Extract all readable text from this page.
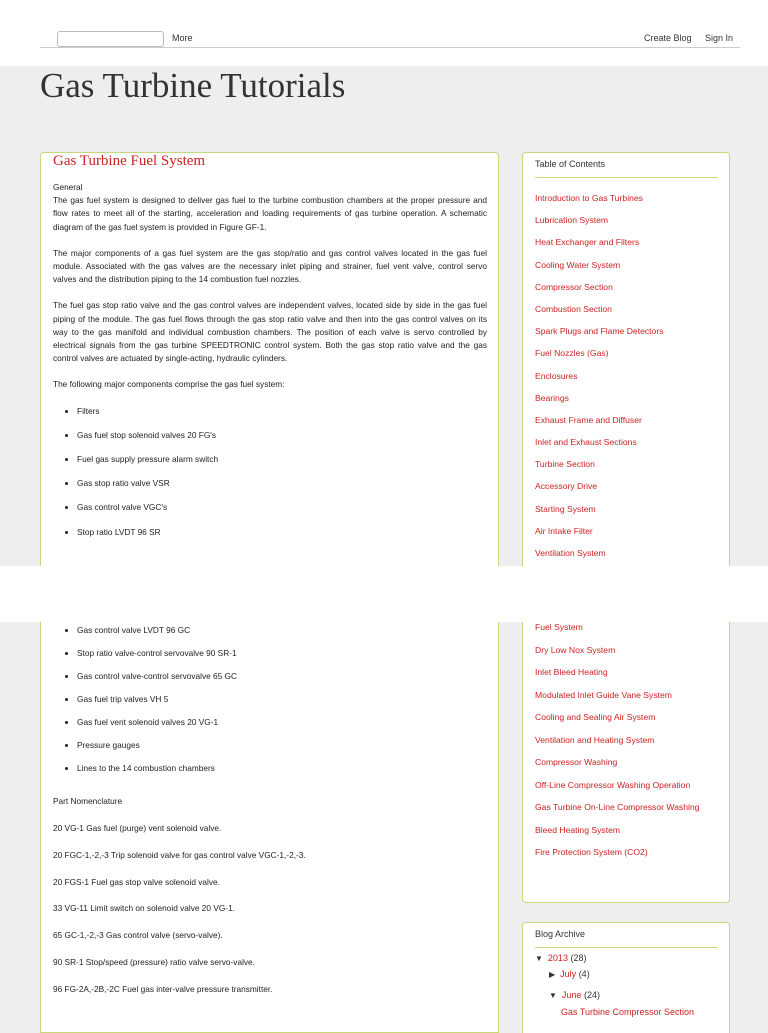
More	Create Blog Sign In
Gas Turbine Tutorials
Gas Turbine Fuel System
General

The gas fuel system is designed to deliver gas fuel to the turbine combustion chambers at the proper pressure and flow rates to meet all of the starting, acceleration and loading requirements of gas turbine operation. A schematic diagram of the gas fuel system is provided in Figure GF-1.

The major components of a gas fuel system are the gas stop/ratio and gas control valves located in the gas fuel module. Associated with the gas valves are the necessary inlet piping and strainer, fuel vent valve, control servo valves and the distribution piping to the 14 combustion fuel nozzles.

The fuel gas stop ratio valve and the gas control valves are independent valves, located side by side in the gas fuel piping of the module. The gas fuel flows through the gas stop ratio valve and then into the gas control valves on its way to the gas manifold and individual combustion chambers. The position of each valve is servo controlled by electrical signals from the gas turbine SPEEDTRONIC control system. Both the gas stop ratio valve and the gas control valves are actuated by single-acting, hydraulic cylinders.

The following major components comprise the gas fuel system:

• Filters
• Gas fuel stop solenoid valves 20 FG's
• Fuel gas supply pressure alarm switch
• Gas stop ratio valve VSR
• Gas control valve VGC's
• Stop ratio LVDT 96 SR
Table of Contents
Introduction to Gas Turbines
Lubrication System
Heat Exchanger and Filters
Cooling Water System
Compressor Section
Combustion Section
Spark Plugs and Flame Detectors
Fuel Nozzles (Gas)
Enclosures
Bearings
Exhaust Frame and Diffuser
Inlet and Exhaust Sections
Turbine Section
Accessory Drive
Starting System
Air Intake Filter
Ventilation System
• Gas control valve LVDT 96 GC
• Stop ratio valve-control servovalve 90 SR-1
• Gas control valve-control servovalve 65 GC
• Gas fuel trip valves VH 5
• Gas fuel vent solenoid valves 20 VG-1
• Pressure gauges
• Lines to the 14 combustion chambers
Part Nomenclature
20 VG-1 Gas fuel (purge) vent solenoid valve.
20 FGC-1,-2,-3 Trip solenoid valve for gas control valve VGC-1,-2,-3.
20 FGS-1 Fuel gas stop valve solenoid valve.
33 VG-11 Limit switch on solenoid valve 20 VG-1.
65 GC-1,-2,-3 Gas control valve (servo-valve).
90 SR-1 Stop/speed (pressure) ratio valve servo-valve.
96 FG-2A,-2B,-2C Fuel gas inter-valve pressure transmitter.
Fuel System
Dry Low Nox System
Inlet Bleed Heating
Modulated Inlet Guide Vane System
Cooling and Sealing Air System
Ventilation and Heating System
Compressor Washing
Off-Line Compressor Washing Operation
Gas Turbine On-Line Compressor Washing
Bleed Heating System
Fire Protection System (CO2)
Blog Archive
▼ 2013 (28)
▶ July (4)
▼ June (24)
Gas Turbine Compressor Section
